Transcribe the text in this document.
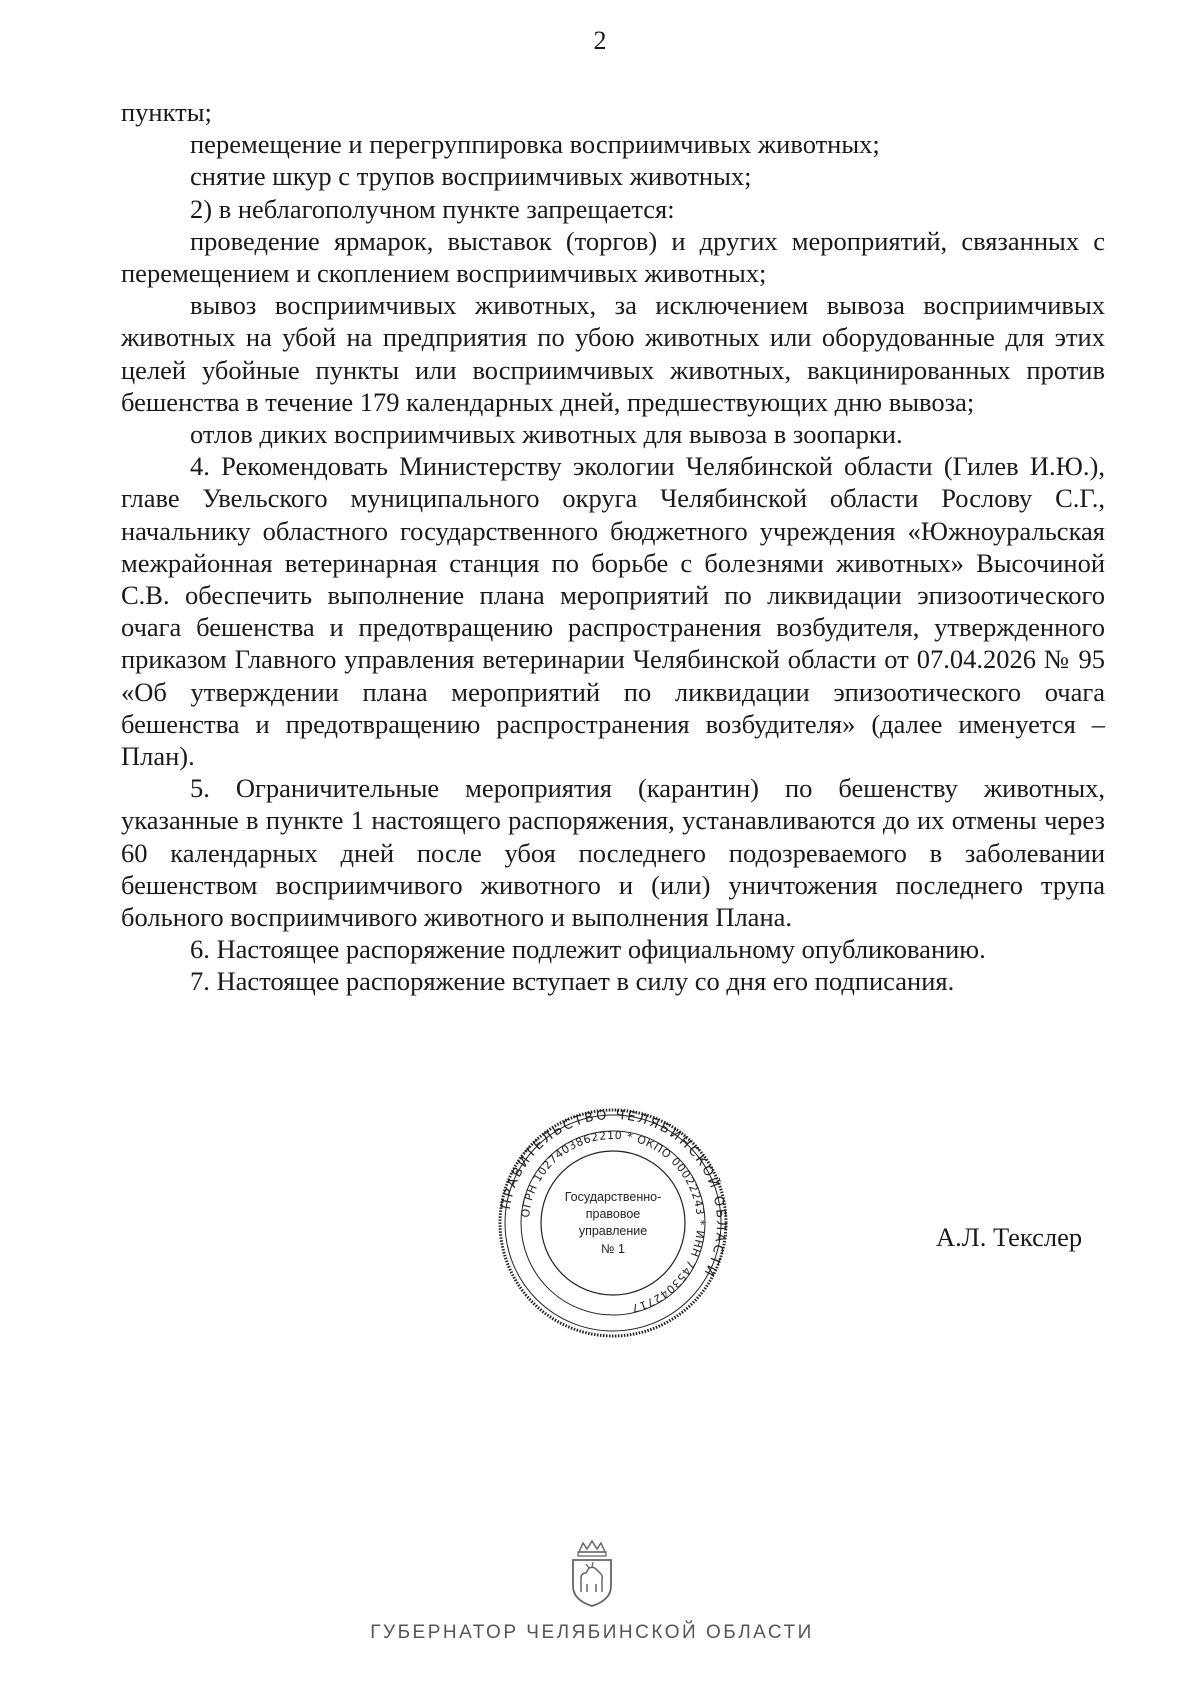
2

пункты;

перемещение и перегруппировка восприимчивых животных;

снятие шкур с трупов восприимчивых животных;

2) в неблагополучном пункте запрещается:

проведение ярмарок, выставок (торгов) и других мероприятий, связанных с перемещением и скоплением восприимчивых животных;

вывоз восприимчивых животных, за исключением вывоза восприимчивых животных на убой на предприятия по убою животных или оборудованные для этих целей убойные пункты или восприимчивых животных, вакцинированных против бешенства в течение 179 календарных дней, предшествующих дню вывоза;

отлов диких восприимчивых животных для вывоза в зоопарки.

4. Рекомендовать Министерству экологии Челябинской области (Гилев И.Ю.), главе Увельского муниципального округа Челябинской области Рослову С.Г., начальнику областного государственного бюджетного учреждения «Южноуральская межрайонная ветеринарная станция по борьбе с болезнями животных» Высочиной С.В. обеспечить выполнение плана мероприятий по ликвидации эпизоотического очага бешенства и предотвращению распространения возбудителя, утвержденного приказом Главного управления ветеринарии Челябинской области от 07.04.2026 № 95 «Об утверждении плана мероприятий по ликвидации эпизоотического очага бешенства и предотвращению распространения возбудителя» (далее именуется – План).

5. Ограничительные мероприятия (карантин) по бешенству животных, указанные в пункте 1 настоящего распоряжения, устанавливаются до их отмены через 60 календарных дней после убоя последнего подозреваемого в заболевании бешенством восприимчивого животного и (или) уничтожения последнего трупа больного восприимчивого животного и выполнения Плана.

6. Настоящее распоряжение подлежит официальному опубликованию.

7. Настоящее распоряжение вступает в силу со дня его подписания.

ПРАВИТЕЛЬСТВО ЧЕЛЯБИНСКОЙ ОБЛАСТИ
ОГРН 1027403862210 * ОКПО 00022243 * ИНН 7453042717
Государственно-
правовое
управление
№ 1	А.Л. Текслер
ГУБЕРНАТОР ЧЕЛЯБИНСКОЙ ОБЛАСТИ
